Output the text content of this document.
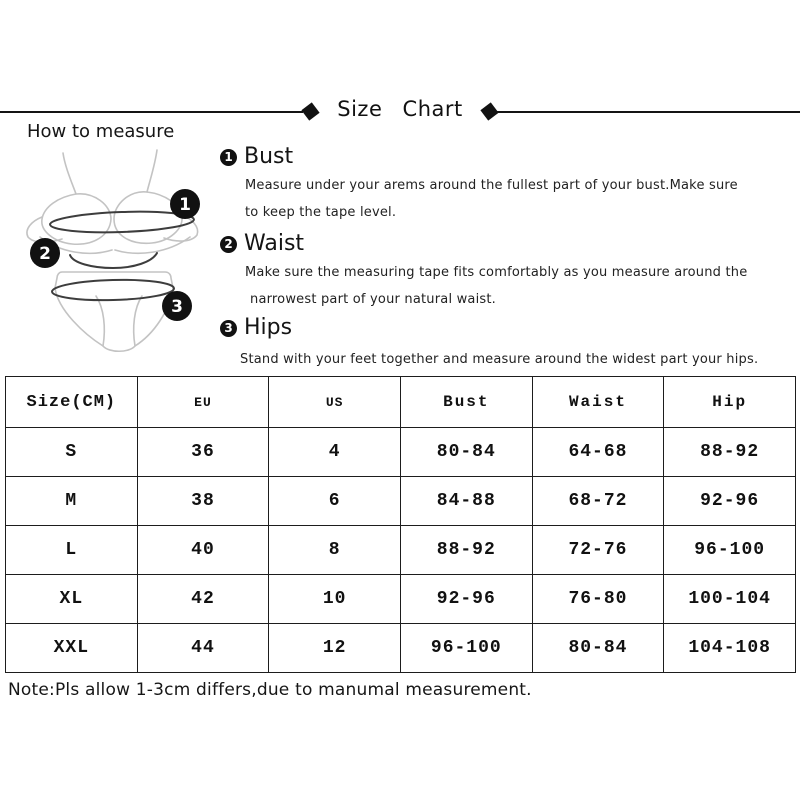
Size Chart
How to measure
1
2
3
1 Bust
Measure under your arems around the fullest part of your bust.Make sure
to keep the tape level.
2 Waist
Make sure the measuring tape fits comfortably as you measure around the
narrowest part of your natural waist.
3 Hips
Stand with your feet together and measure around the widest part your hips.
Size(CM)	EU	US	Bust	Waist	Hip
S	36	4	80-84	64-68	88-92
M	38	6	84-88	68-72	92-96
L	40	8	88-92	72-76	96-100
XL	42	10	92-96	76-80	100-104
XXL	44	12	96-100	80-84	104-108
Note:Pls allow 1-3cm differs,due to manumal measurement.
